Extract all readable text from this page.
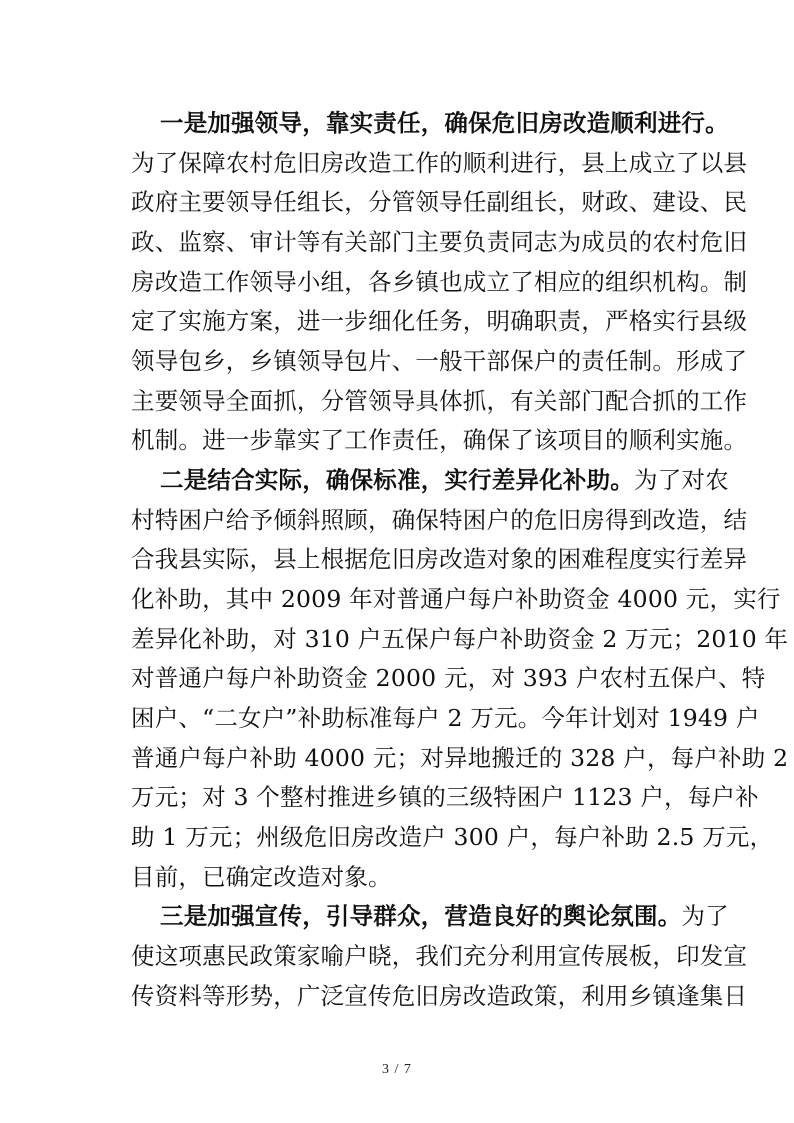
一是加强领导，靠实责任，确保危旧房改造顺利进行。
为了保障农村危旧房改造工作的顺利进行，县上成立了以县
政府主要领导任组长，分管领导任副组长，财政、建设、民
政、监察、审计等有关部门主要负责同志为成员的农村危旧
房改造工作领导小组，各乡镇也成立了相应的组织机构。制
定了实施方案，进一步细化任务，明确职责，严格实行县级
领导包乡，乡镇领导包片、一般干部保户的责任制。形成了
主要领导全面抓，分管领导具体抓，有关部门配合抓的工作
机制。进一步靠实了工作责任，确保了该项目的顺利实施。
二是结合实际，确保标准，实行差异化补助。为了对农
村特困户给予倾斜照顾，确保特困户的危旧房得到改造，结
合我县实际，县上根据危旧房改造对象的困难程度实行差异
化补助，其中 2009 年对普通户每户补助资金 4000 元，实行
差异化补助，对 310 户五保户每户补助资金 2 万元；2010 年
对普通户每户补助资金 2000 元，对 393 户农村五保户、特
困户、“二女户”补助标准每户 2 万元。今年计划对 1949 户
普通户每户补助 4000 元；对异地搬迁的 328 户，每户补助 2
万元；对 3 个整村推进乡镇的三级特困户 1123 户，每户补
助 1 万元；州级危旧房改造户 300 户，每户补助 2.5 万元，
目前，已确定改造对象。
三是加强宣传，引导群众，营造良好的舆论氛围。为了
使这项惠民政策家喻户晓，我们充分利用宣传展板，印发宣
传资料等形势，广泛宣传危旧房改造政策，利用乡镇逢集日
3 / 7
